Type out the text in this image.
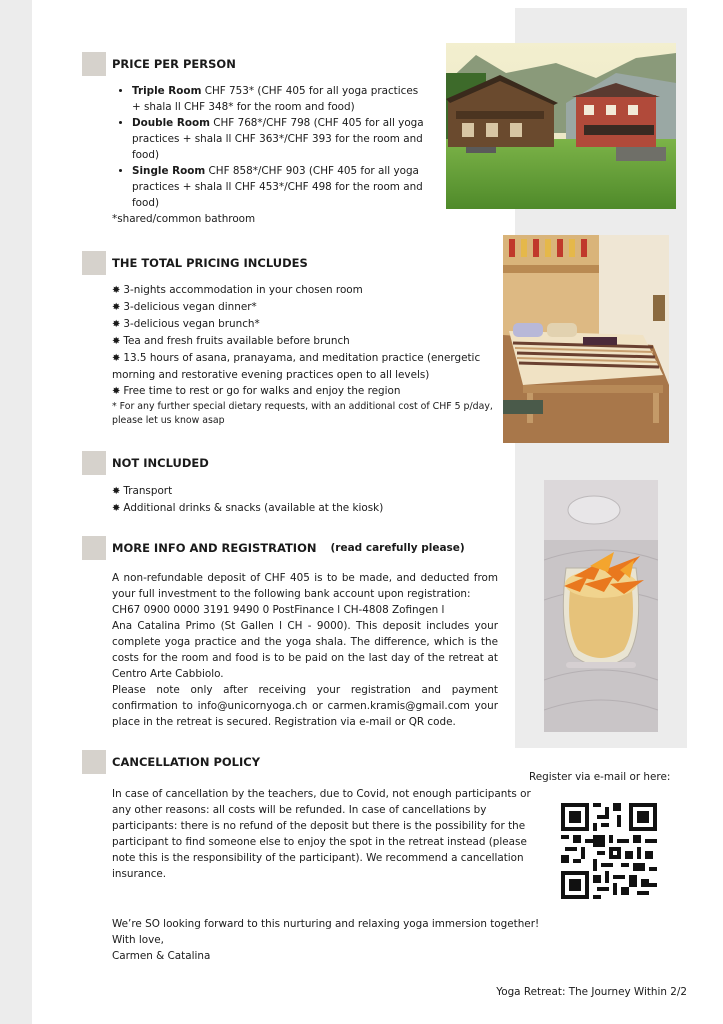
PRICE PER PERSON
• Triple Room CHF 753* (CHF 405 for all yoga practices + shala ll CHF 348* for the room and food)
• Double Room CHF 768*/CHF 798 (CHF 405 for all yoga practices + shala ll CHF 363*/CHF 393 for the room and food)
• Single Room CHF 858*/CHF 903 (CHF 405 for all yoga practices + shala ll CHF 453*/CHF 498 for the room and food)
*shared/common bathroom
THE TOTAL PRICING INCLUDES
✸ 3-nights accommodation in your chosen room
✸ 3-delicious vegan dinner*
✸ 3-delicious vegan brunch*
✸ Tea and fresh fruits available before brunch
✸ 13.5 hours of asana, pranayama, and meditation practice (energetic morning and restorative evening practices open to all levels)
✸ Free time to rest or go for walks and enjoy the region
* For any further special dietary requests, with an additional cost of CHF 5 p/day, please let us know asap
NOT INCLUDED
✸ Transport
✸ Additional drinks & snacks (available at the kiosk)
MORE INFO AND REGISTRATION (read carefully please)
A non-refundable deposit of CHF 405 is to be made, and deducted from your full investment to the following bank account upon registration:
CH67 0900 0000 3191 9490 0 PostFinance l CH-4808 Zofingen l
Ana Catalina Primo (St Gallen l CH - 9000). This deposit includes your complete yoga practice and the yoga shala. The difference, which is the costs for the room and food is to be paid on the last day of the retreat at Centro Arte Cabbiolo.
Please note only after receiving your registration and payment confirmation to info@unicornyoga.ch or carmen.kramis@gmail.com your place in the retreat is secured. Registration via e-mail or QR code.
CANCELLATION POLICY
In case of cancellation by the teachers, due to Covid, not enough participants or any other reasons: all costs will be refunded. In case of cancellations by participants: there is no refund of the deposit but there is the possibility for the participant to find someone else to enjoy the spot in the retreat instead (please note this is the responsibility of the participant). We recommend a cancellation insurance.
Register via e-mail or here:
We’re SO looking forward to this nurturing and relaxing yoga immersion together!
With love,
Carmen & Catalina
Yoga Retreat: The Journey Within 2/2
